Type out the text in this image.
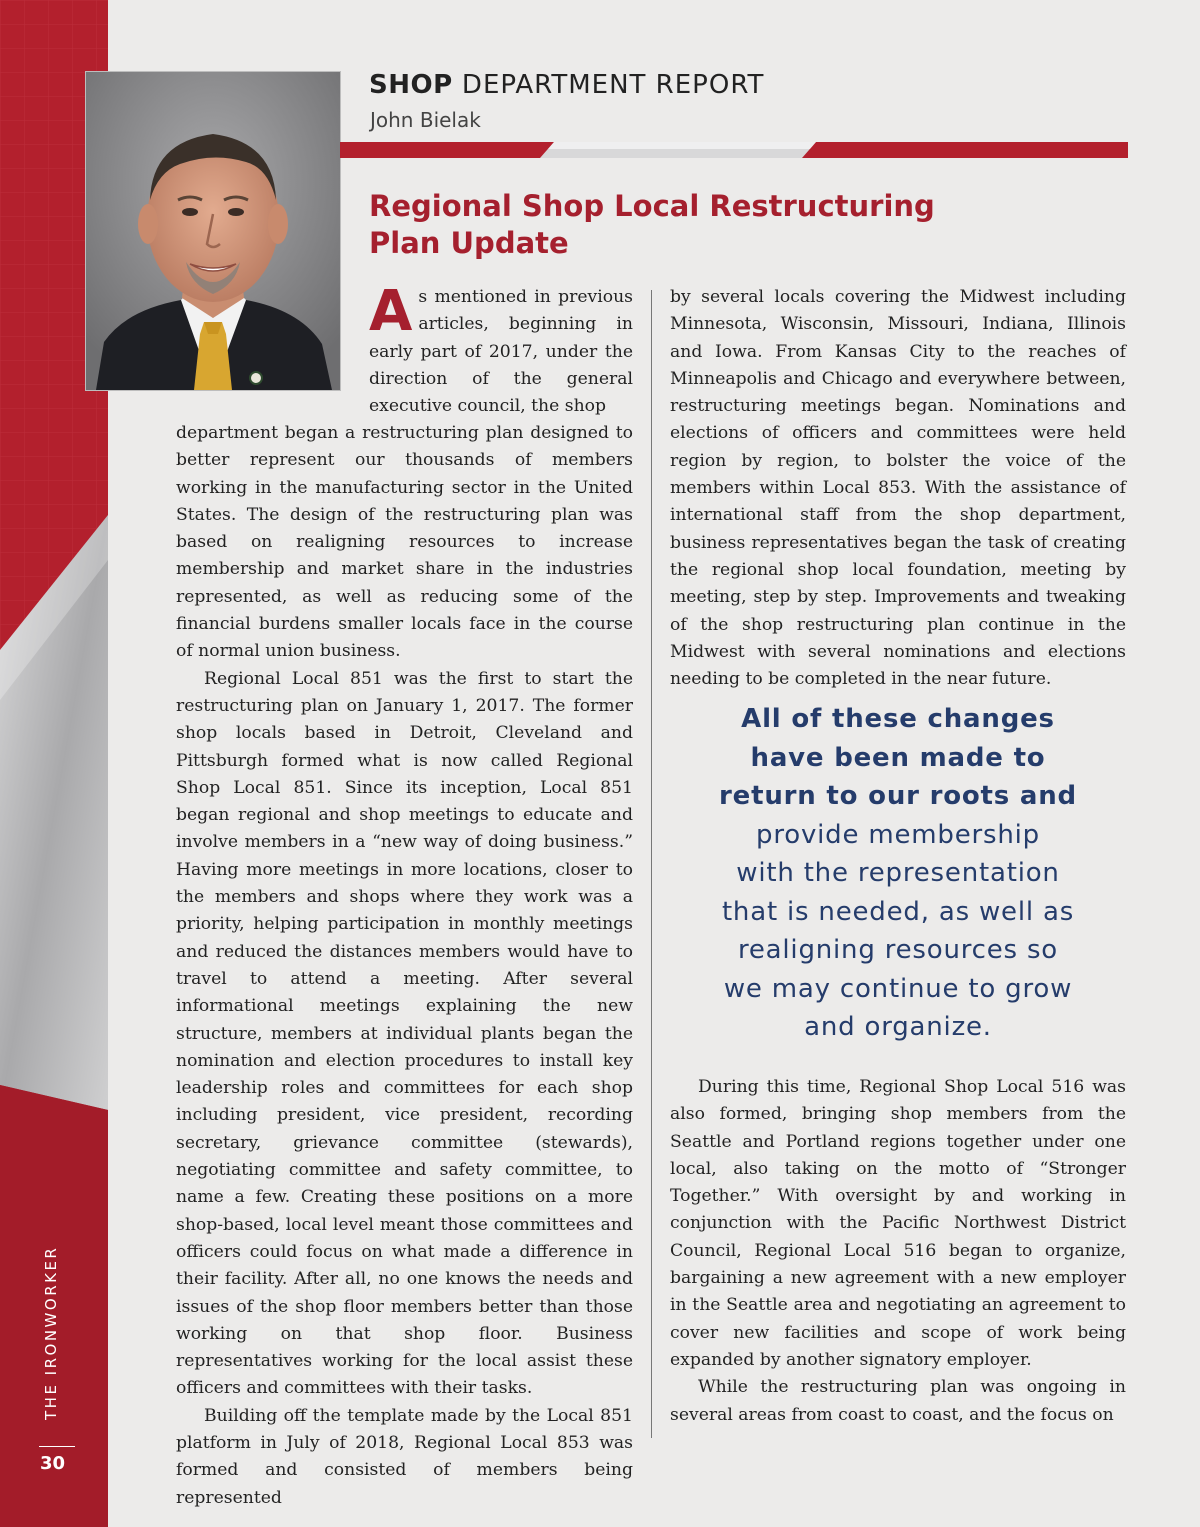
THE IRONWORKER
30
SHOP DEPARTMENT REPORT
John Bielak
Regional Shop Local Restructuring Plan Update

As mentioned in previous articles, beginning in early part of 2017, under the direction of the general executive council, the shop

department began a restructuring plan designed to better represent our thousands of members working in the manufacturing sector in the United States. The design of the restructuring plan was based on realigning resources to increase membership and market share in the industries represented, as well as reducing some of the financial burdens smaller locals face in the course of normal union business.

Regional Local 851 was the first to start the restructuring plan on January 1, 2017. The former shop locals based in Detroit, Cleveland and Pittsburgh formed what is now called Regional Shop Local 851. Since its inception, Local 851 began regional and shop meetings to educate and involve members in a “new way of doing business.” Having more meetings in more locations, closer to the members and shops where they work was a priority, helping participation in monthly meetings and reduced the distances members would have to travel to attend a meeting. After several informational meetings explaining the new structure, members at individual plants began the nomination and election procedures to install key leadership roles and committees for each shop including president, vice president, recording secretary, grievance committee (stewards), negotiating committee and safety committee, to name a few. Creating these positions on a more shop-based, local level meant those committees and officers could focus on what made a difference in their facility. After all, no one knows the needs and issues of the shop floor members better than those working on that shop floor. Business representatives working for the local assist these officers and committees with their tasks.

Building off the template made by the Local 851 platform in July of 2018, Regional Local 853 was formed and consisted of members being represented

by several locals covering the Midwest including Minnesota, Wisconsin, Missouri, Indiana, Illinois and Iowa. From Kansas City to the reaches of Minneapolis and Chicago and everywhere between, restructuring meetings began. Nominations and elections of officers and committees were held region by region, to bolster the voice of the members within Local 853. With the assistance of international staff from the shop department, business representatives began the task of creating the regional shop local foundation, meeting by meeting, step by step. Improvements and tweaking of the shop restructuring plan continue in the Midwest with several nominations and elections needing to be completed in the near future.

All of these changes
have been made to
return to our roots and
provide membership
with the representation
that is needed, as well as
realigning resources so
we may continue to grow
and organize.

During this time, Regional Shop Local 516 was also formed, bringing shop members from the Seattle and Portland regions together under one local, also taking on the motto of “Stronger Together.” With oversight by and working in conjunction with the Pacific Northwest District Council, Regional Local 516 began to organize, bargaining a new agreement with a new employer in the Seattle area and negotiating an agreement to cover new facilities and scope of work being expanded by another signatory employer.

While the restructuring plan was ongoing in several areas from coast to coast, and the focus on
